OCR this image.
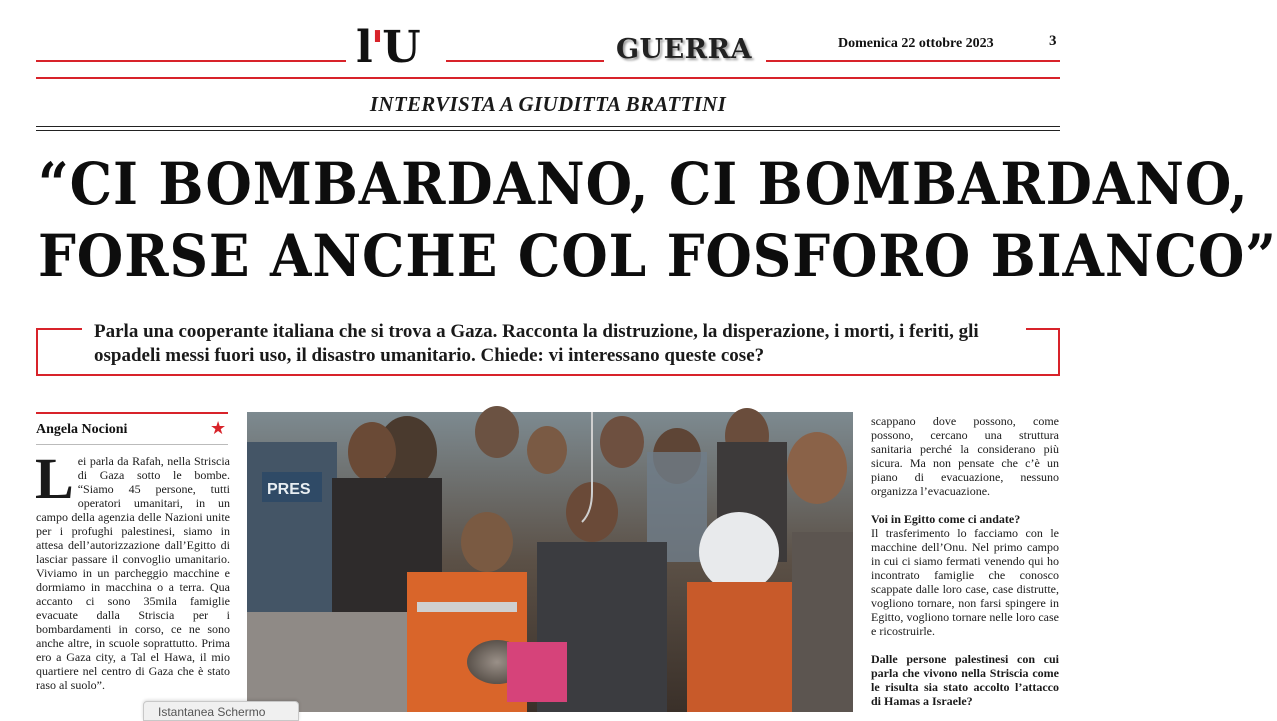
l'U	GUERRA	Domenica 22 ottobre 2023	3
INTERVISTA A GIUDITTA BRATTINI
“CI BOMBARDANO, CI BOMBARDANO,
FORSE ANCHE COL FOSFORO BIANCO”
Parla una cooperante italiana che si trova a Gaza. Racconta la distruzione, la disperazione, i morti, i feriti, gli ospadeli messi fuori uso, il disastro umanitario. Chiede: vi interessano queste cose?
Angela Nocioni	★
Lei parla da Rafah, nella Striscia di Gaza sotto le bombe. “Siamo 45 persone, tutti operatori umanitari, in un campo della agenzia delle Nazioni unite per i profughi palestinesi, siamo in attesa dell’autorizzazione dall’Egitto di lasciar passare il convoglio umanitario. Viviamo in un parcheggio macchine e dormiamo in macchina o a terra. Qua accanto ci sono 35mila famiglie evacuate dalla Striscia per i bombardamenti in corso, ce ne sono anche altre, in scuole soprattutto. Prima ero a Gaza city, a Tal el Hawa, il mio quartiere nel centro di Gaza che è stato raso al suolo”.
PRES

scappano dove possono, come possono, cercano una struttura sanitaria perché la considerano più sicura. Ma non pensate che c’è un piano di evacuazione, nessuno organizza l’evacuazione.

Voi in Egitto come ci andate?

Il trasferimento lo facciamo con le macchine dell’Onu. Nel primo campo in cui ci siamo fermati venendo qui ho incontrato famiglie che conosco scappate dalle loro case, case distrutte, vogliono tornare, non farsi spingere in Egitto, vogliono tornare nelle loro case e ricostruirle.

Dalle persone palestinesi con cui parla che vivono nella Striscia come le risulta sia stato accolto l’attacco di Hamas a Israele?
Istantanea Schermo
